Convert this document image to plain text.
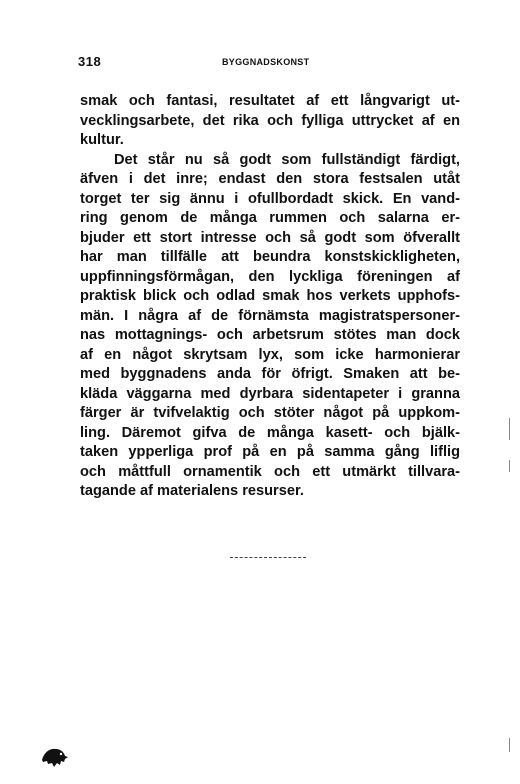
318	BYGGNADSKONST
smak och fantasi, resultatet af ett långvarigt ut-
vecklingsarbete, det rika och fylliga uttrycket af en
kultur.
Det står nu så godt som fullständigt färdigt,
äfven i det inre; endast den stora festsalen utåt
torget ter sig ännu i ofullbordadt skick. En vand-
ring genom de många rummen och salarna er-
bjuder ett stort intresse och så godt som öfverallt
har man tillfälle att beundra konstskickligheten,
uppfinningsförmågan, den lyckliga föreningen af
praktisk blick och odlad smak hos verkets upphofs-
män. I några af de förnämsta magistratspersoner-
nas mottagnings- och arbetsrum stötes man dock
af en något skrytsam lyx, som icke harmonierar
med byggnadens anda för öfrigt. Smaken att be-
kläda väggarna med dyrbara sidentapeter i granna
färger är tvifvelaktig och stöter något på uppkom-
ling. Däremot gifva de många kasett- och bjälk-
taken ypperliga prof på en på samma gång liflig
och måttfull ornamentik och ett utmärkt tillvara-
tagande af materialens resurser.
